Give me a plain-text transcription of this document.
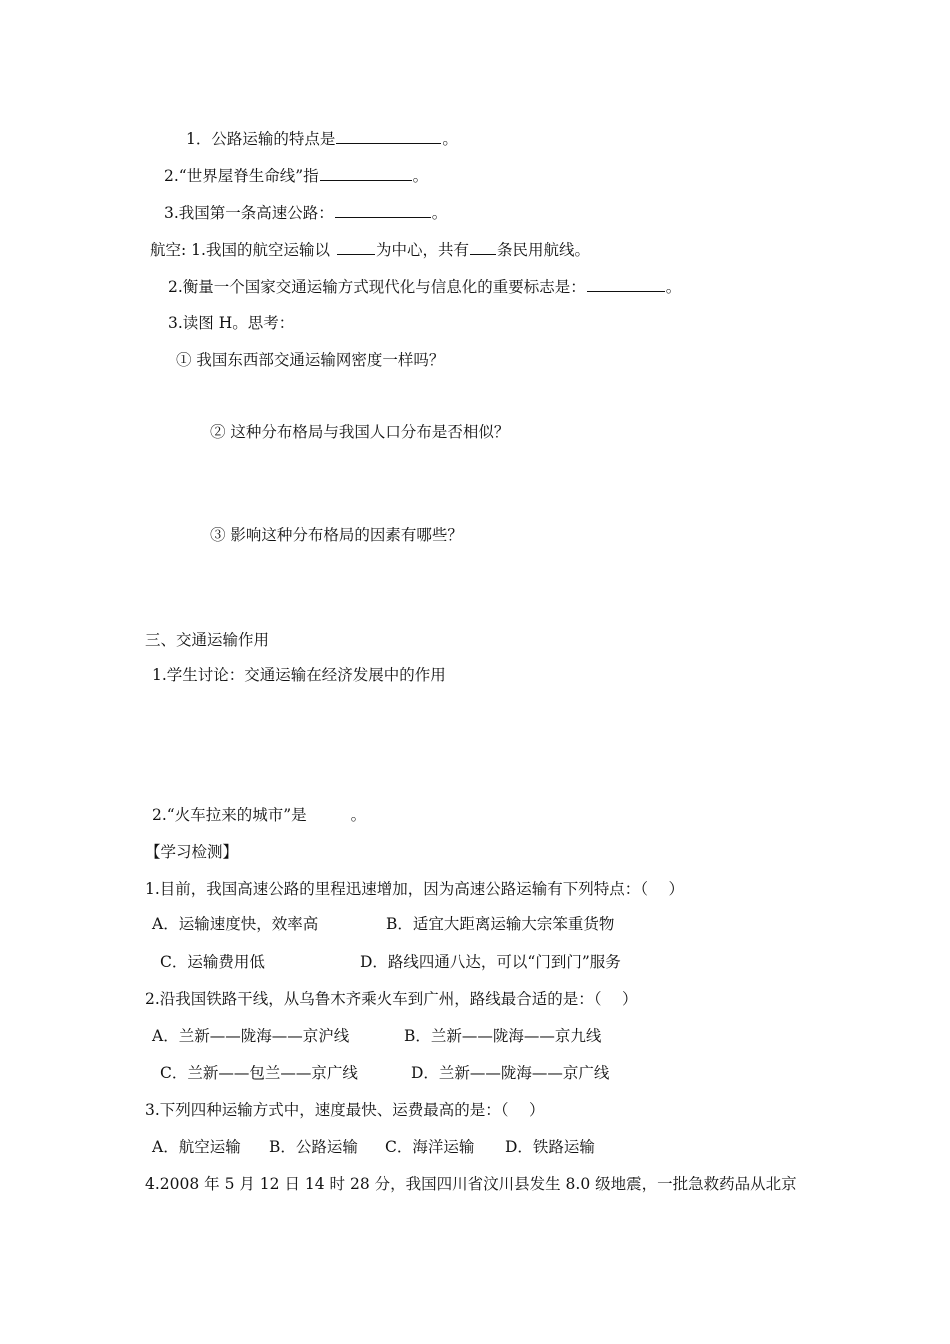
1．公路运输的特点是	。
2.“世界屋脊生命线”指	。
3.我国第一条高速公路：	。
航空: 1.我国的航空运输以	为中心，共有 条民用航线。
2.衡量一个国家交通运输方式现代化与信息化的重要标志是：	。
3.读图 H。思考：
① 我国东西部交通运输网密度一样吗？
② 这种分布格局与我国人口分布是否相似？
③ 影响这种分布格局的因素有哪些？
三、交通运输作用
1.学生讨论：交通运输在经济发展中的作用
2.“火车拉来的城市”是	。
【学习检测】
1.目前，我国高速公路的里程迅速增加，因为高速公路运输有下列特点：（　 ）
A．运输速度快，效率高	B．适宜大距离运输大宗笨重货物
C．运输费用低	D．路线四通八达，可以“门到门”服务
2.沿我国铁路干线，从乌鲁木齐乘火车到广州，路线最合适的是：（　 ）
A．兰新——陇海——京沪线	B．兰新——陇海——京九线
C．兰新——包兰——京广线	D．兰新——陇海——京广线
3.下列四种运输方式中，速度最快、运费最高的是：（　 ）
A．航空运输 B．公路运输 C．海洋运输 D．铁路运输
4.2008 年 5 月 12 日 14 时 28 分，我国四川省汶川县发生 8.0 级地震，一批急救药品从北京
